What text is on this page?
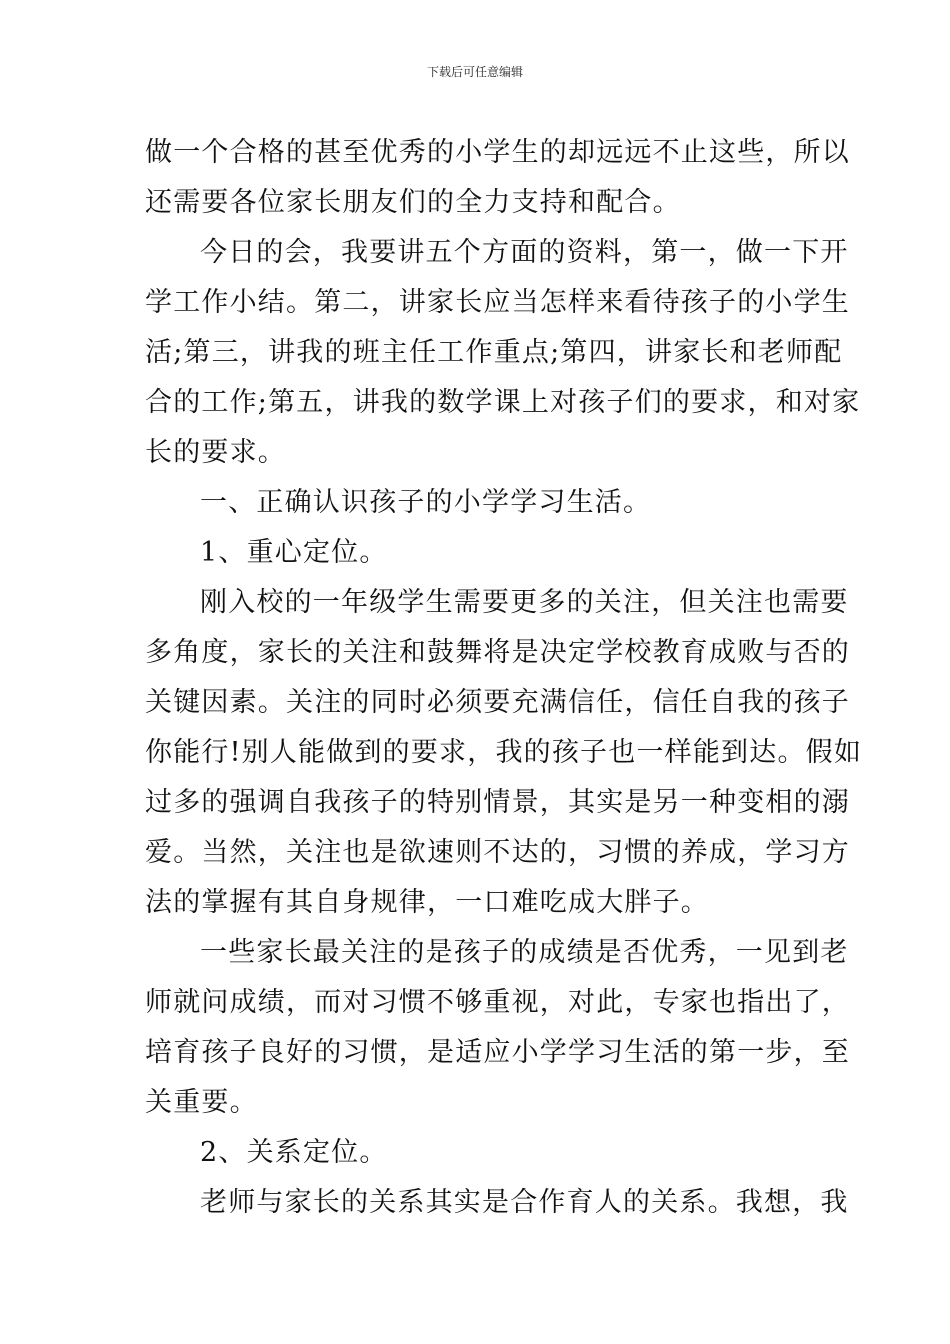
下载后可任意编辑

做一个合格的甚至优秀的小学生的却远远不止这些，所以
还需要各位家长朋友们的全力支持和配合。

今日的会，我要讲五个方面的资料，第一，做一下开
学工作小结。第二，讲家长应当怎样来看待孩子的小学生
活;第三，讲我的班主任工作重点;第四，讲家长和老师配
合的工作;第五，讲我的数学课上对孩子们的要求，和对家
长的要求。

一、正确认识孩子的小学学习生活。

1、重心定位。

刚入校的一年级学生需要更多的关注，但关注也需要
多角度，家长的关注和鼓舞将是决定学校教育成败与否的
关键因素。关注的同时必须要充满信任，信任自我的孩子
你能行!别人能做到的要求，我的孩子也一样能到达。假如
过多的强调自我孩子的特别情景，其实是另一种变相的溺
爱。当然，关注也是欲速则不达的，习惯的养成，学习方
法的掌握有其自身规律，一口难吃成大胖子。

一些家长最关注的是孩子的成绩是否优秀，一见到老
师就问成绩，而对习惯不够重视，对此，专家也指出了，
培育孩子良好的习惯，是适应小学学习生活的第一步，至
关重要。

2、关系定位。

老师与家长的关系其实是合作育人的关系。我想，我
